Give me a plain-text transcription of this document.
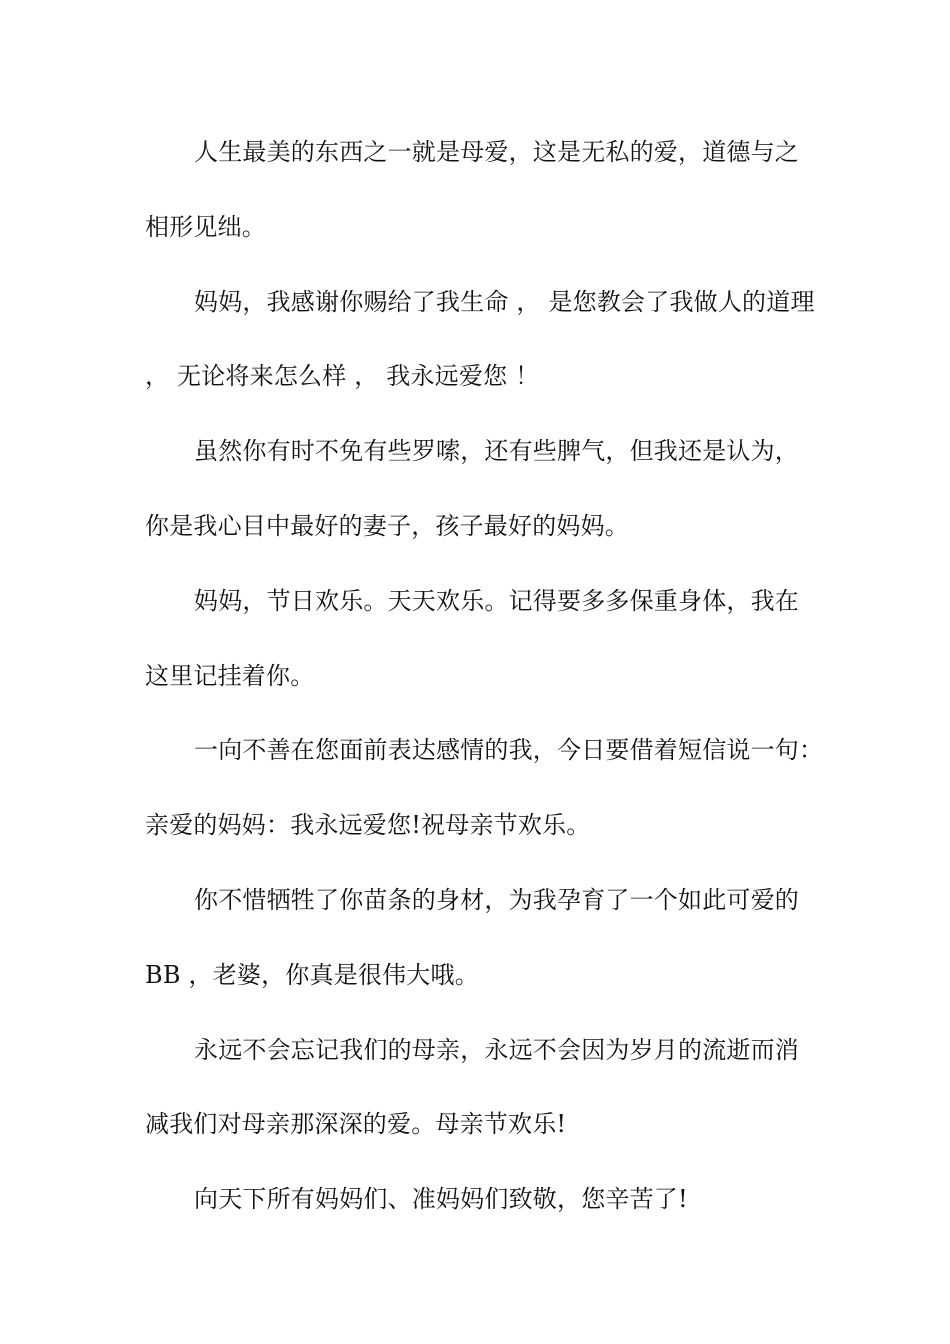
人生最美的东西之一就是母爱，这是无私的爱，道德与之
相形见绌。
妈妈，我感谢你赐给了我生命 ， 是您教会了我做人的道理
， 无论将来怎么样 ， 我永远爱您 ！
虽然你有时不免有些罗嗦，还有些脾气，但我还是认为，
你是我心目中最好的妻子，孩子最好的妈妈。
妈妈，节日欢乐。天天欢乐。记得要多多保重身体，我在
这里记挂着你。
一向不善在您面前表达感情的我，今日要借着短信说一句：
亲爱的妈妈：我永远爱您!祝母亲节欢乐。
你不惜牺牲了你苗条的身材，为我孕育了一个如此可爱的
BB ，老婆，你真是很伟大哦。
永远不会忘记我们的母亲，永远不会因为岁月的流逝而消
减我们对母亲那深深的爱。母亲节欢乐!
向天下所有妈妈们、准妈妈们致敬，您辛苦了!
